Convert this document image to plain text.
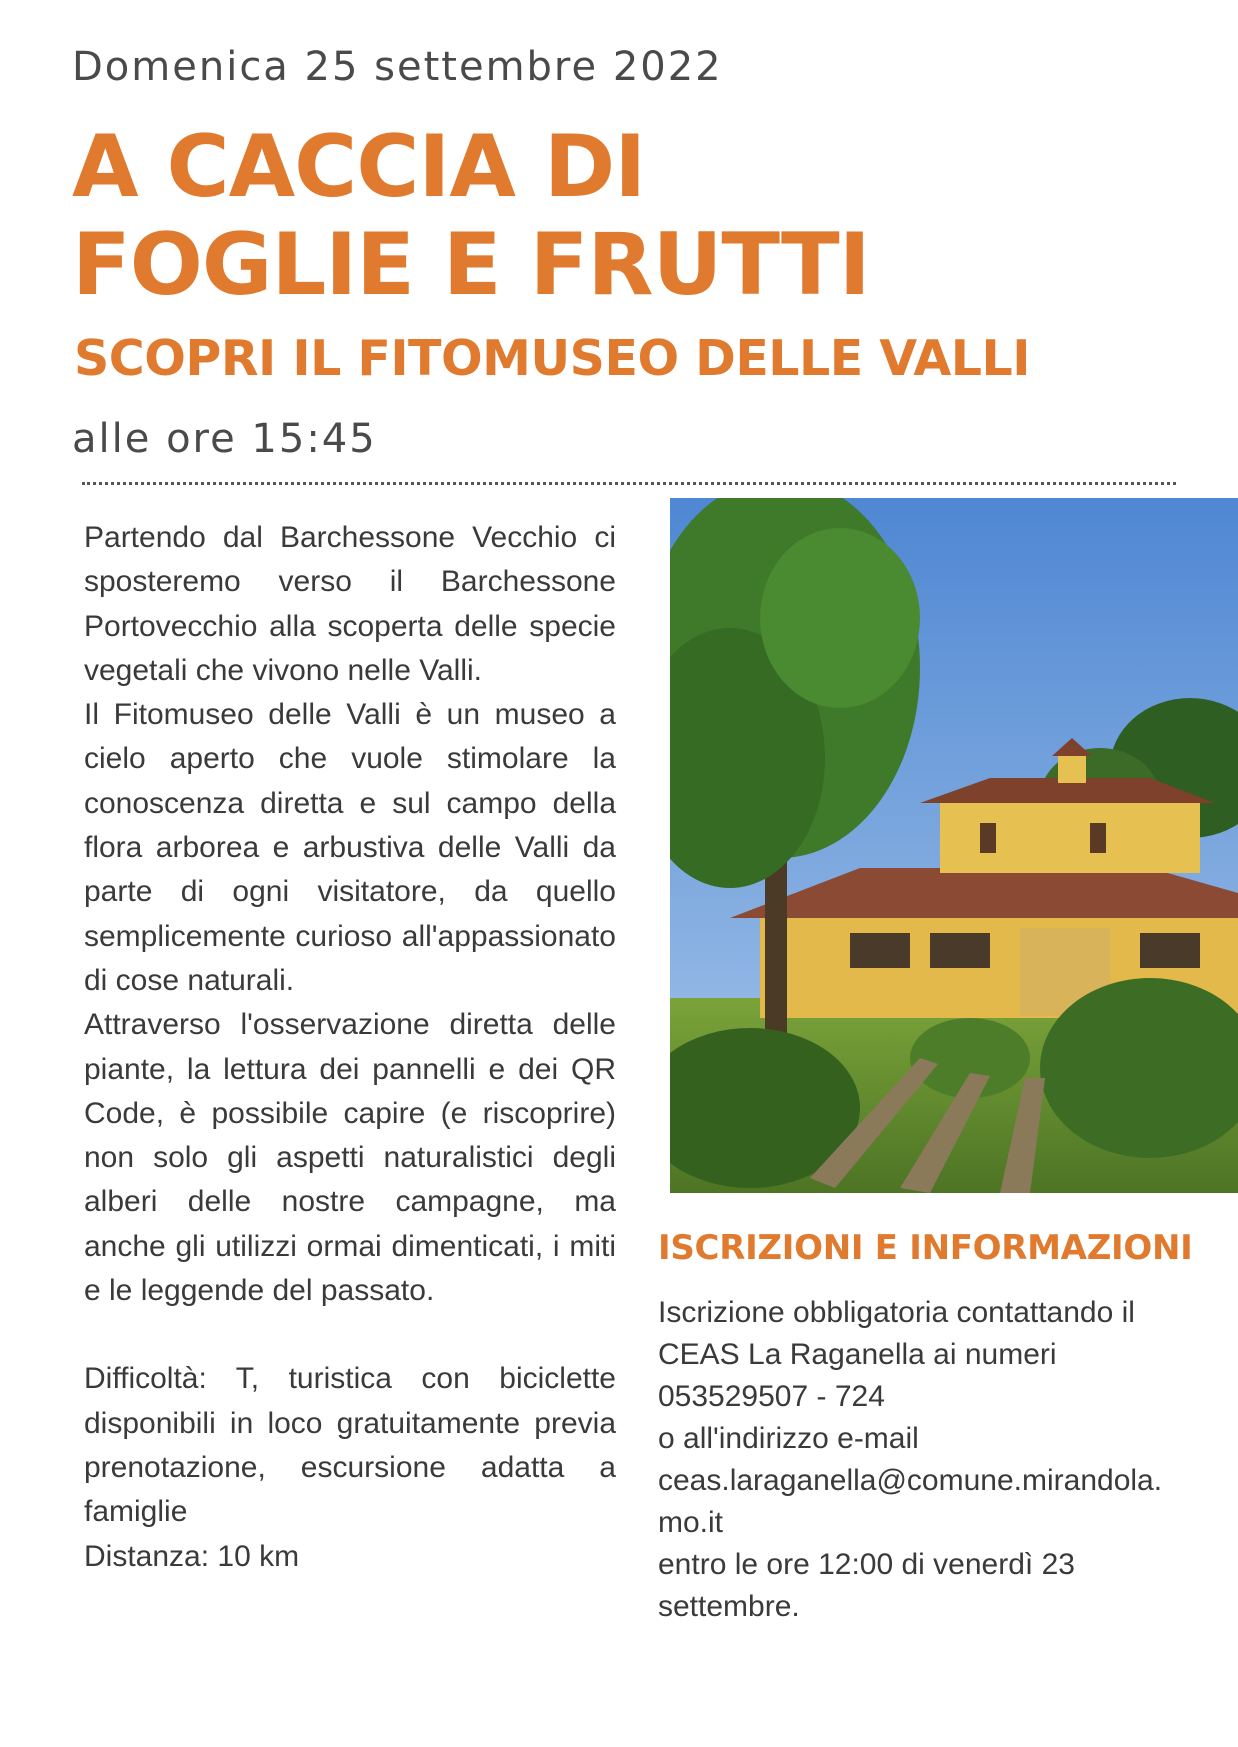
Domenica 25 settembre 2022
A CACCIA DI
FOGLIE E FRUTTI
SCOPRI IL FITOMUSEO DELLE VALLI
alle ore 15:45

Partendo dal Barchessone Vecchio ci sposteremo verso il Barchessone Portovecchio alla scoperta delle specie vegetali che vivono nelle Valli.

Il Fitomuseo delle Valli è un museo a cielo aperto che vuole stimolare la conoscenza diretta e sul campo della flora arborea e arbustiva delle Valli da parte di ogni visitatore, da quello semplicemente curioso all'appassionato di cose naturali.

Attraverso l'osservazione diretta delle piante, la lettura dei pannelli e dei QR Code, è possibile capire (e riscoprire) non solo gli aspetti naturalistici degli alberi delle nostre campagne, ma anche gli utilizzi ormai dimenticati, i miti e le leggende del passato.

Difficoltà: T, turistica con biciclette disponibili in loco gratuitamente previa prenotazione, escursione adatta a famiglie

Distanza: 10 km

ISCRIZIONI E INFORMAZIONI
Iscrizione obbligatoria contattando il
CEAS La Raganella ai numeri
053529507 - 724
o all'indirizzo e-mail
ceas.laraganella@comune.mirandola.
mo.it
entro le ore 12:00 di venerdì 23
settembre.
